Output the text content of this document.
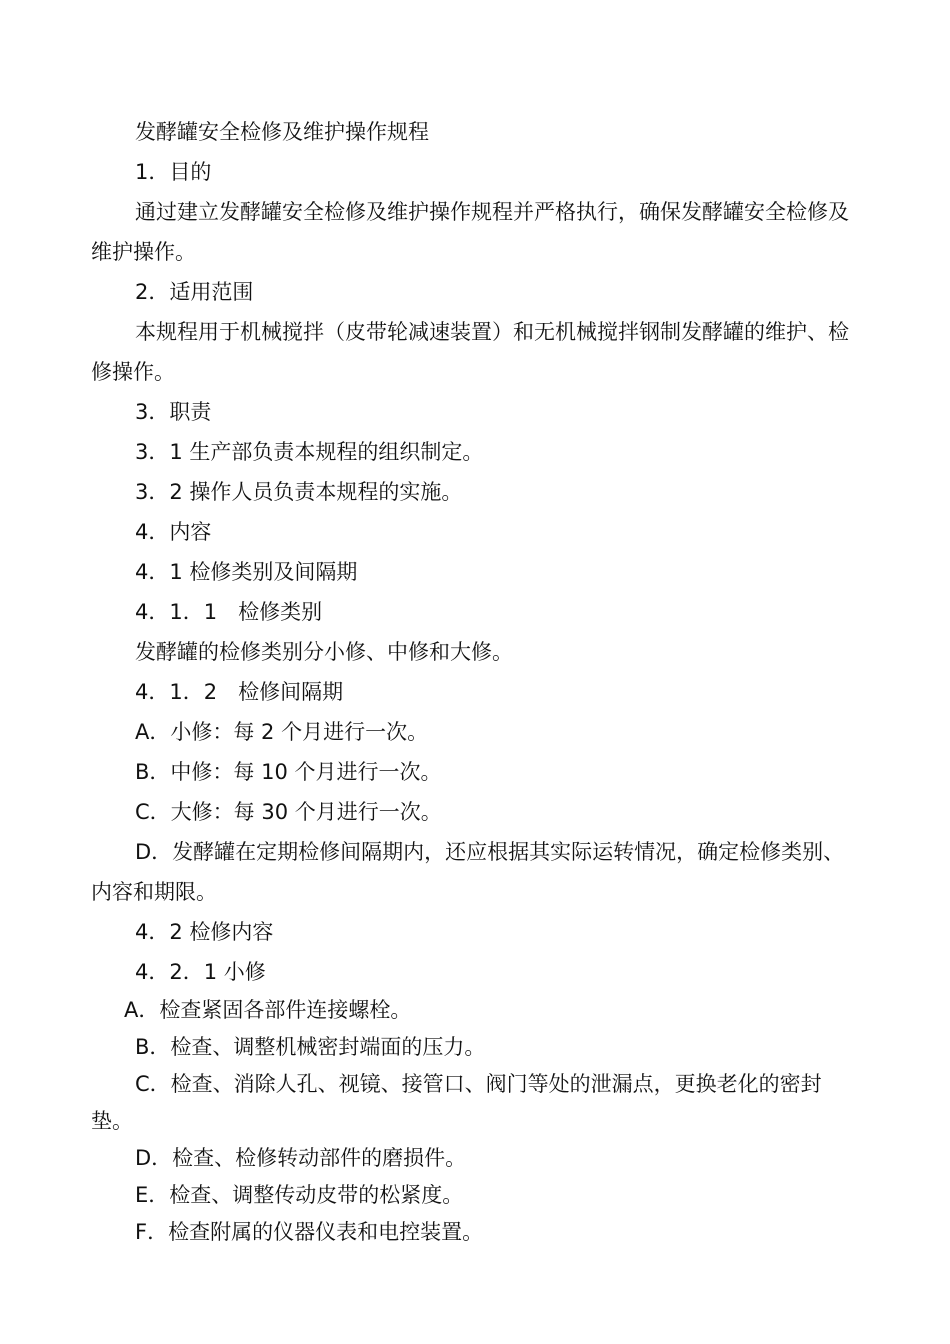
发酵罐安全检修及维护操作规程

1．目的

通过建立发酵罐安全检修及维护操作规程并严格执行，确保发酵罐安全检修及维护操作。

2．适用范围

本规程用于机械搅拌（皮带轮减速装置）和无机械搅拌钢制发酵罐的维护、检修操作。

3．职责

3．1 生产部负责本规程的组织制定。

3．2 操作人员负责本规程的实施。

4．内容

4．1 检修类别及间隔期

4．1．1　检修类别

发酵罐的检修类别分小修、中修和大修。

4．1．2　检修间隔期

A．小修：每 2 个月进行一次。

B．中修：每 10 个月进行一次。

C．大修：每 30 个月进行一次。

D．发酵罐在定期检修间隔期内，还应根据其实际运转情况，确定检修类别、内容和期限。

4．2 检修内容

4．2．1 小修

A．检查紧固各部件连接螺栓。

B．检查、调整机械密封端面的压力。

C．检查、消除人孔、视镜、接管口、阀门等处的泄漏点，更换老化的密封垫。

D．检查、检修转动部件的磨损件。

E．检查、调整传动皮带的松紧度。

F．检查附属的仪器仪表和电控装置。
